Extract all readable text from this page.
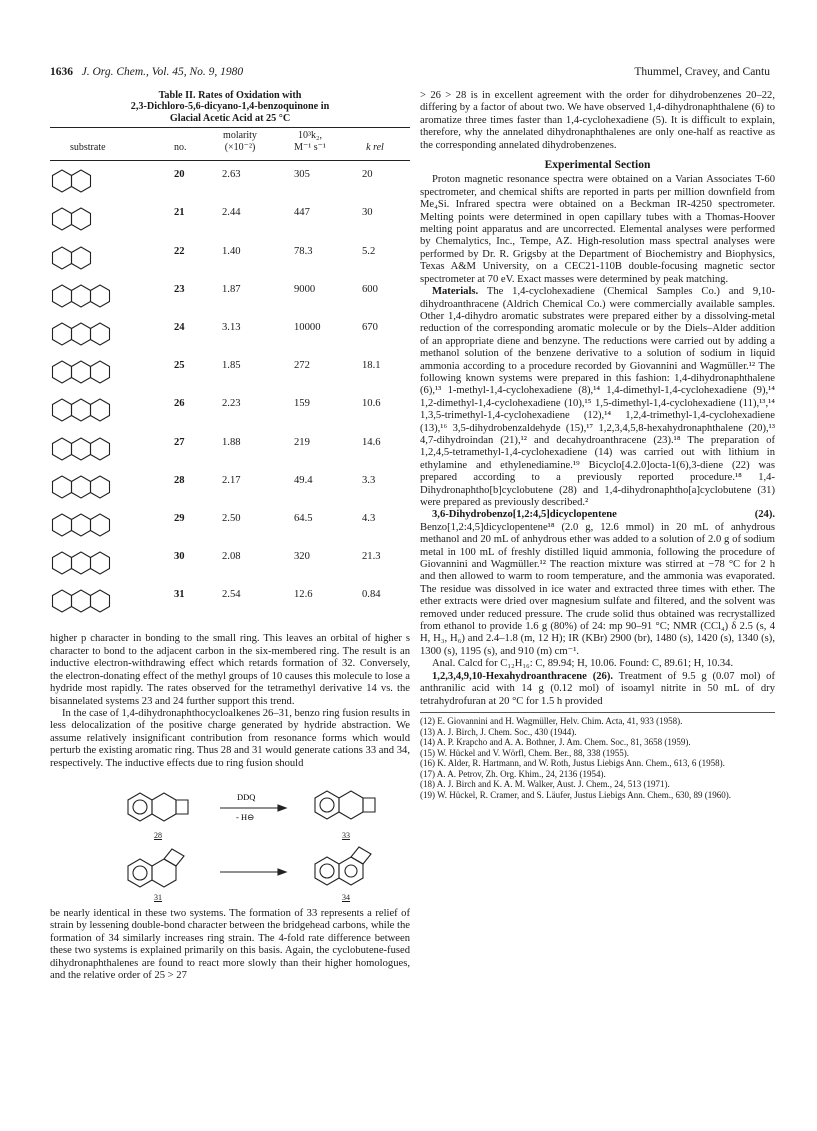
1636 J. Org. Chem., Vol. 45, No. 9, 1980	Thummel, Cravey, and Cantu
Table II. Rates of Oxidation with
2,3-Dichloro-5,6-dicyano-1,4-benzoquinone in
Glacial Acetic Acid at 25 °C
substrate	no.
molarity
(×10⁻²)
10³k₂,
M⁻¹ s⁻¹	k rel
20	2.63	305	20
21	2.44	447	30
22	1.40	78.3	5.2
23	1.87	9000	600
24	3.13	10000	670
25	1.85	272	18.1
26	2.23	159	10.6
27	1.88	219	14.6
28	2.17	49.4	3.3
29	2.50	64.5	4.3
30	2.08	320	21.3
31	2.54	12.6	0.84

higher p character in bonding to the small ring. This leaves an orbital of higher s character to bond to the adjacent carbon in the six-membered ring. The result is an inductive electron-withdrawing effect which retards formation of 32. Conversely, the electron-donating effect of the methyl groups of 10 causes this molecule to lose a hydride most rapidly. The rates observed for the tetramethyl derivative 14 vs. the bisannelated systems 23 and 24 further support this trend.

In the case of 1,4-dihydronaphthocycloalkenes 26–31, benzo ring fusion results in less delocalization of the positive charge generated by hydride abstraction. We assume relatively insignificant contribution from resonance forms which would perturb the existing aromatic ring. Thus 28 and 31 would generate cations 33 and 34, respectively. The inductive effects due to ring fusion should

DDQ
- H⊖
28	33
31	34

be nearly identical in these two systems. The formation of 33 represents a relief of strain by lessening double-bond character between the bridgehead carbons, while the formation of 34 similarly increases ring strain. The 4-fold rate difference between these two systems is explained primarily on this basis. Again, the cyclobutene-fused dihydronaphthalenes are found to react more slowly than their higher homologues, and the relative order of 25 > 27

> 26 > 28 is in excellent agreement with the order for dihydrobenzenes 20–22, differing by a factor of about two. We have observed 1,4-dihydronaphthalene (6) to aromatize three times faster than 1,4-cyclohexadiene (5). It is difficult to explain, therefore, why the annelated dihydronaphthalenes are only one-half as reactive as the corresponding annelated dihydrobenzenes.

Experimental Section

Proton magnetic resonance spectra were obtained on a Varian Associates T-60 spectrometer, and chemical shifts are reported in parts per million downfield from Me₄Si. Infrared spectra were obtained on a Beckman IR-4250 spectrometer. Melting points were determined in open capillary tubes with a Thomas-Hoover melting point apparatus and are uncorrected. Elemental analyses were performed by Chemalytics, Inc., Tempe, AZ. High-resolution mass spectral analyses were performed by Dr. R. Grigsby at the Department of Biochemistry and Biophysics, Texas A&M University, on a CEC21-110B double-focusing magnetic sector spectrometer at 70 eV. Exact masses were determined by peak matching.

Materials. The 1,4-cyclohexadiene (Chemical Samples Co.) and 9,10-dihydroanthracene (Aldrich Chemical Co.) were commercially available samples. Other 1,4-dihydro aromatic substrates were prepared either by a dissolving-metal reduction of the corresponding aromatic molecule or by the Diels–Alder addition of an appropriate diene and benzyne. The reductions were carried out by adding a methanol solution of the benzene derivative to a solution of sodium in liquid ammonia according to a procedure recorded by Giovannini and Wagmüller.¹² The following known systems were prepared in this fashion: 1,4-dihydronaphthalene (6),¹³ 1-methyl-1,4-cyclohexadiene (8),¹⁴ 1,4-dimethyl-1,4-cyclohexadiene (9),¹⁴ 1,2-dimethyl-1,4-cyclohexadiene (10),¹⁵ 1,5-dimethyl-1,4-cyclohexadiene (11),¹³,¹⁴ 1,3,5-trimethyl-1,4-cyclohexadiene (12),¹⁴ 1,2,4-trimethyl-1,4-cyclohexadiene (13),¹⁶ 3,5-dihydrobenzaldehyde (15),¹⁷ 1,2,3,4,5,8-hexahydronaphthalene (20),¹³ 4,7-dihydroindan (21),¹² and decahydroanthracene (23).¹⁸ The preparation of 1,2,4,5-tetramethyl-1,4-cyclohexadiene (14) was carried out with lithium in ethylamine and ethylenediamine.¹⁹ Bicyclo[4.2.0]octa-1(6),3-diene (22) was prepared according to a previously reported procedure.¹⁸ 1,4-Dihydronaphtho[b]cyclobutene (28) and 1,4-dihydronaphtho[a]cyclobutene (31) were prepared as previously described.²

3,6-Dihydrobenzo[1,2:4,5]dicyclopentene (24). Benzo[1,2:4,5]dicyclopentene¹⁸ (2.0 g, 12.6 mmol) in 20 mL of anhydrous methanol and 20 mL of anhydrous ether was added to a solution of 2.0 g of sodium metal in 100 mL of freshly distilled liquid ammonia, following the procedure of Giovannini and Wagmüller.¹² The reaction mixture was stirred at −78 °C for 2 h and then allowed to warm to room temperature, and the ammonia was evaporated. The residue was dissolved in ice water and extracted three times with ether. The ether extracts were dried over magnesium sulfate and filtered, and the solvent was removed under reduced pressure. The crude solid thus obtained was recrystallized from ethanol to provide 1.6 g (80%) of 24: mp 90–91 °C; NMR (CCl₄) δ 2.5 (s, 4 H, H₃, H₆) and 2.4–1.8 (m, 12 H); IR (KBr) 2900 (br), 1480 (s), 1420 (s), 1340 (s), 1300 (s), 1195 (s), and 910 (m) cm⁻¹.

Anal. Calcd for C₁₂H₁₆: C, 89.94; H, 10.06. Found: C, 89.61; H, 10.34.

1,2,3,4,9,10-Hexahydroanthracene (26). Treatment of 9.5 g (0.07 mol) of anthranilic acid with 14 g (0.12 mol) of isoamyl nitrite in 50 mL of dry tetrahydrofuran at 20 °C for 1.5 h provided

(12) E. Giovannini and H. Wagmüller, Helv. Chim. Acta, 41, 933 (1958).

(13) A. J. Birch, J. Chem. Soc., 430 (1944).

(14) A. P. Krapcho and A. A. Bothner, J. Am. Chem. Soc., 81, 3658 (1959).

(15) W. Hückel and V. Wörfl, Chem. Ber., 88, 338 (1955).

(16) K. Alder, R. Hartmann, and W. Roth, Justus Liebigs Ann. Chem., 613, 6 (1958).

(17) A. A. Petrov, Zh. Org. Khim., 24, 2136 (1954).

(18) A. J. Birch and K. A. M. Walker, Aust. J. Chem., 24, 513 (1971).

(19) W. Hückel, R. Cramer, and S. Läufer, Justus Liebigs Ann. Chem., 630, 89 (1960).
